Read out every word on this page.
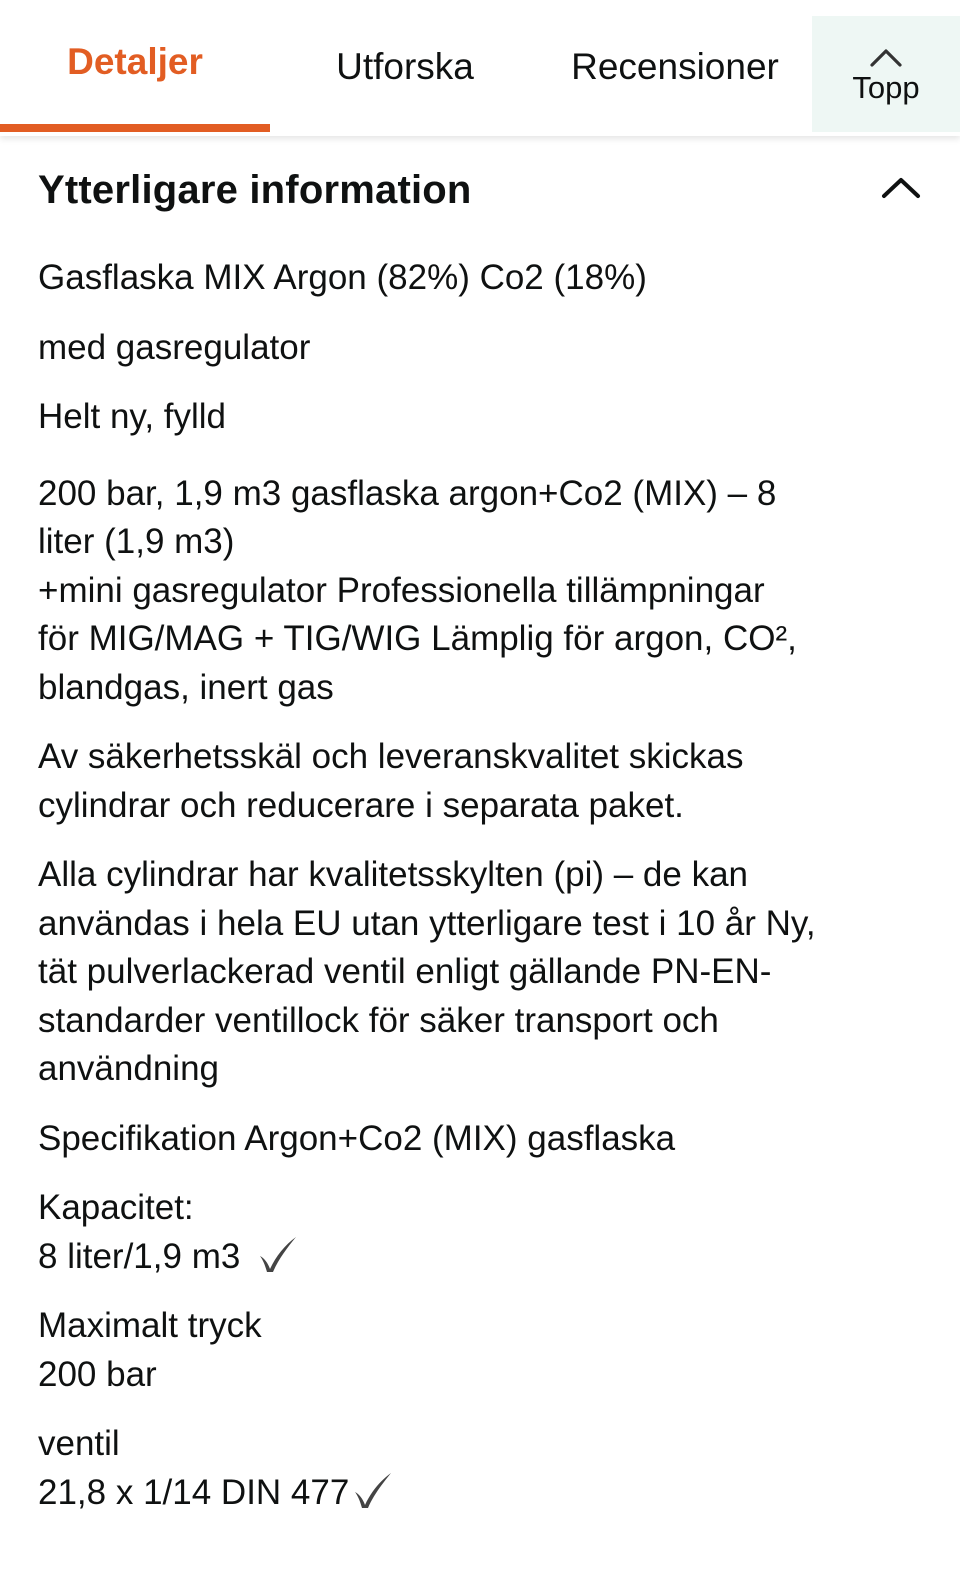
Detaljer	Utforska	Recensioner
Topp
Ytterligare information

Gasflaska MIX Argon (82%) Co2 (18%)

med gasregulator

Helt ny, fylld

200 bar, 1,9 m3 gasflaska argon+Co2 (MIX) – 8
liter (1,9 m3)
+mini gasregulator Professionella tillämpningar
för MIG/MAG + TIG/WIG Lämplig för argon, CO²,
blandgas, inert gas

Av säkerhetsskäl och leveranskvalitet skickas
cylindrar och reducerare i separata paket.

Alla cylindrar har kvalitetsskylten (pi) – de kan
användas i hela EU utan ytterligare test i 10 år Ny,
tät pulverlackerad ventil enligt gällande PN-EN-
standarder ventillock för säker transport och
användning

Specifikation Argon+Co2 (MIX) gasflaska

Kapacitet:
8 liter/1,9 m3

Maximalt tryck
200 bar

ventil
21,8 x 1/14 DIN 477
